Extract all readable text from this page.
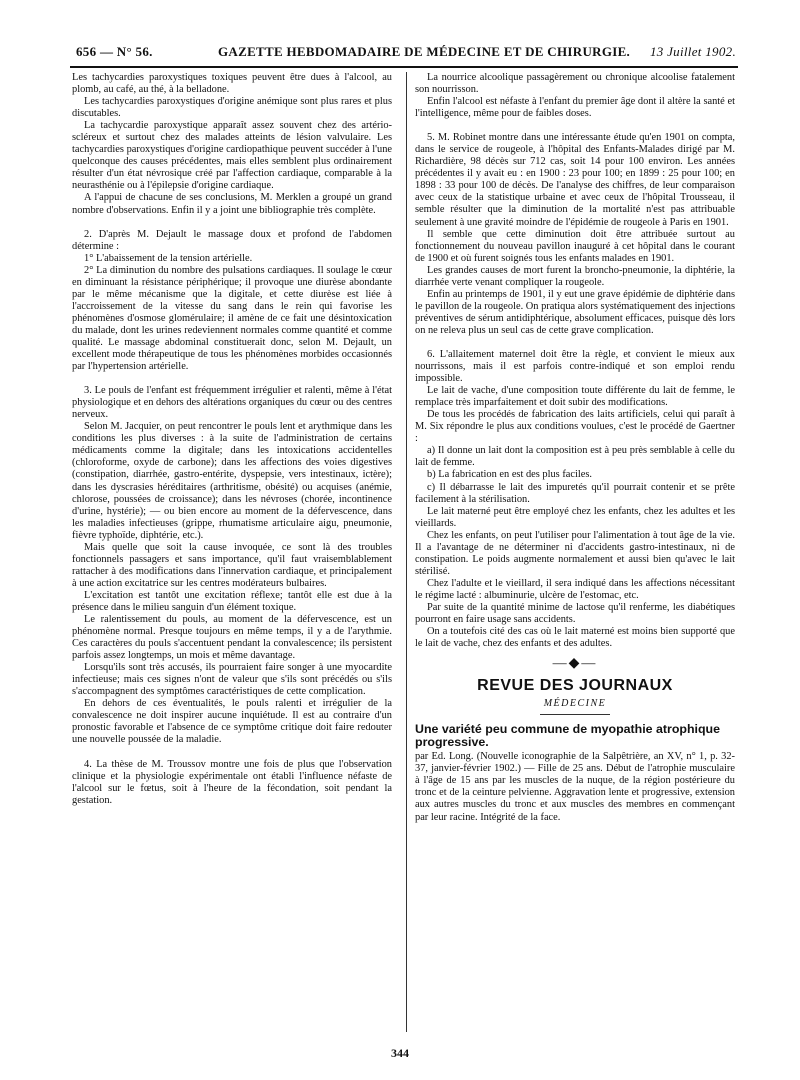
656 — N° 56.	GAZETTE HEBDOMADAIRE DE MÉDECINE ET DE CHIRURGIE. 13 Juillet 1902.

Les tachycardies paroxystiques toxiques peuvent être dues à l'alcool, au plomb, au café, au thé, à la belladone.

Les tachycardies paroxystiques d'origine anémique sont plus rares et plus discutables.

La tachycardie paroxystique apparaît assez souvent chez des artério-scléreux et surtout chez des malades atteints de lésion valvulaire. Les tachycardies paroxystiques d'origine cardiopathique peuvent succéder à l'une quelconque des causes précédentes, mais elles semblent plus ordinairement résulter d'un état névrosique créé par l'affection cardiaque, comparable à la neurasthénie ou à l'épilepsie d'origine cardiaque.

A l'appui de chacune de ses conclusions, M. Merklen a groupé un grand nombre d'observations. Enfin il y a joint une bibliographie très complète.

2. D'après M. Dejault le massage doux et profond de l'abdomen détermine :

1° L'abaissement de la tension artérielle.

2° La diminution du nombre des pulsations cardiaques. Il soulage le cœur en diminuant la résistance périphérique; il provoque une diurèse abondante par le même mécanisme que la digitale, et cette diurèse est liée à l'accroissement de la vitesse du sang dans le rein qui favorise les phénomènes d'osmose glomérulaire; il amène de ce fait une désintoxication du malade, dont les urines redeviennent normales comme quantité et comme qualité. Le massage abdominal constituerait donc, selon M. Dejault, un excellent mode thérapeutique de tous les phénomènes morbides occasionnés par l'hypertension artérielle.

3. Le pouls de l'enfant est fréquemment irrégulier et ralenti, même à l'état physiologique et en dehors des altérations organiques du cœur ou des centres nerveux.

Selon M. Jacquier, on peut rencontrer le pouls lent et arythmique dans les conditions les plus diverses : à la suite de l'administration de certains médicaments comme la digitale; dans les intoxications accidentelles (chloroforme, oxyde de carbone); dans les affections des voies digestives (constipation, diarrhée, gastro-entérite, dyspepsie, vers intestinaux, ictère); dans les dyscrasies héréditaires (arthritisme, obésité) ou acquises (anémie, chlorose, poussées de croissance); dans les névroses (chorée, incontinence d'urine, hystérie); — ou bien encore au moment de la défervescence, dans les maladies infectieuses (grippe, rhumatisme articulaire aigu, pneumonie, fièvre typhoïde, diphtérie, etc.).

Mais quelle que soit la cause invoquée, ce sont là des troubles fonctionnels passagers et sans importance, qu'il faut vraisemblablement rattacher à des modifications dans l'innervation cardiaque, et principalement à une action excitatrice sur les centres modérateurs bulbaires.

L'excitation est tantôt une excitation réflexe; tantôt elle est due à la présence dans le milieu sanguin d'un élément toxique.

Le ralentissement du pouls, au moment de la défervescence, est un phénomène normal. Presque toujours en même temps, il y a de l'arythmie. Ces caractères du pouls s'accentuent pendant la convalescence; ils persistent parfois assez longtemps, un mois et même davantage.

Lorsqu'ils sont très accusés, ils pourraient faire songer à une myocardite infectieuse; mais ces signes n'ont de valeur que s'ils sont précédés ou s'ils s'accompagnent des symptômes caractéristiques de cette complication.

En dehors de ces éventualités, le pouls ralenti et irrégulier de la convalescence ne doit inspirer aucune inquiétude. Il est au contraire d'un pronostic favorable et l'absence de ce symptôme critique doit faire redouter une nouvelle poussée de la maladie.

4. La thèse de M. Troussov montre une fois de plus que l'observation clinique et la physiologie expérimentale ont établi l'influence néfaste de l'alcool sur le fœtus, soit à l'heure de la fécondation, soit pendant la gestation.

La nourrice alcoolique passagèrement ou chronique alcoolise fatalement son nourrisson.

Enfin l'alcool est néfaste à l'enfant du premier âge dont il altère la santé et l'intelligence, même pour de faibles doses.

5. M. Robinet montre dans une intéressante étude qu'en 1901 on compta, dans le service de rougeole, à l'hôpital des Enfants-Malades dirigé par M. Richardière, 98 décès sur 712 cas, soit 14 pour 100 environ. Les années précédentes il y avait eu : en 1900 : 23 pour 100; en 1899 : 25 pour 100; en 1898 : 33 pour 100 de décès. De l'analyse des chiffres, de leur comparaison avec ceux de la statistique urbaine et avec ceux de l'hôpital Trousseau, il semble résulter que la diminution de la mortalité n'est pas attribuable seulement à une gravité moindre de l'épidémie de rougeole à Paris en 1901.

Il semble que cette diminution doit être attribuée surtout au fonctionnement du nouveau pavillon inauguré à cet hôpital dans le courant de 1900 et où furent soignés tous les enfants malades en 1901.

Les grandes causes de mort furent la broncho-pneumonie, la diphtérie, la diarrhée verte venant compliquer la rougeole.

Enfin au printemps de 1901, il y eut une grave épidémie de diphtérie dans le pavillon de la rougeole. On pratiqua alors systématiquement des injections préventives de sérum antidiphtérique, absolument efficaces, puisque dès lors on ne releva plus un seul cas de cette grave complication.

6. L'allaitement maternel doit être la règle, et convient le mieux aux nourrissons, mais il est parfois contre-indiqué et son emploi rendu impossible.

Le lait de vache, d'une composition toute différente du lait de femme, le remplace très imparfaitement et doit subir des modifications.

De tous les procédés de fabrication des laits artificiels, celui qui paraît à M. Six répondre le plus aux conditions voulues, c'est le procédé de Gaertner :

a) Il donne un lait dont la composition est à peu près semblable à celle du lait de femme.

b) La fabrication en est des plus faciles.

c) Il débarrasse le lait des impuretés qu'il pourrait contenir et se prête facilement à la stérilisation.

Le lait materné peut être employé chez les enfants, chez les adultes et les vieillards.

Chez les enfants, on peut l'utiliser pour l'alimentation à tout âge de la vie. Il a l'avantage de ne déterminer ni d'accidents gastro-intestinaux, ni de constipation. Le poids augmente normalement et aussi bien qu'avec le lait stérilisé.

Chez l'adulte et le vieillard, il sera indiqué dans les affections nécessitant le régime lacté : albuminurie, ulcère de l'estomac, etc.

Par suite de la quantité minime de lactose qu'il renferme, les diabétiques pourront en faire usage sans accidents.

On a toutefois cité des cas où le lait materné est moins bien supporté que le lait de vache, chez des enfants et des adultes.

—◆—
REVUE DES JOURNAUX
MÉDECINE
Une variété peu commune de myopathie atrophique progressive.

par Ed. Long. (Nouvelle iconographie de la Salpêtrière, an XV, n° 1, p. 32-37, janvier-février 1902.) — Fille de 25 ans. Début de l'atrophie musculaire à l'âge de 15 ans par les muscles de la nuque, de la région postérieure du tronc et de la ceinture pelvienne. Aggravation lente et progressive, extension aux autres muscles du tronc et aux muscles des membres en commençant par leur racine. Intégrité de la face.

344
